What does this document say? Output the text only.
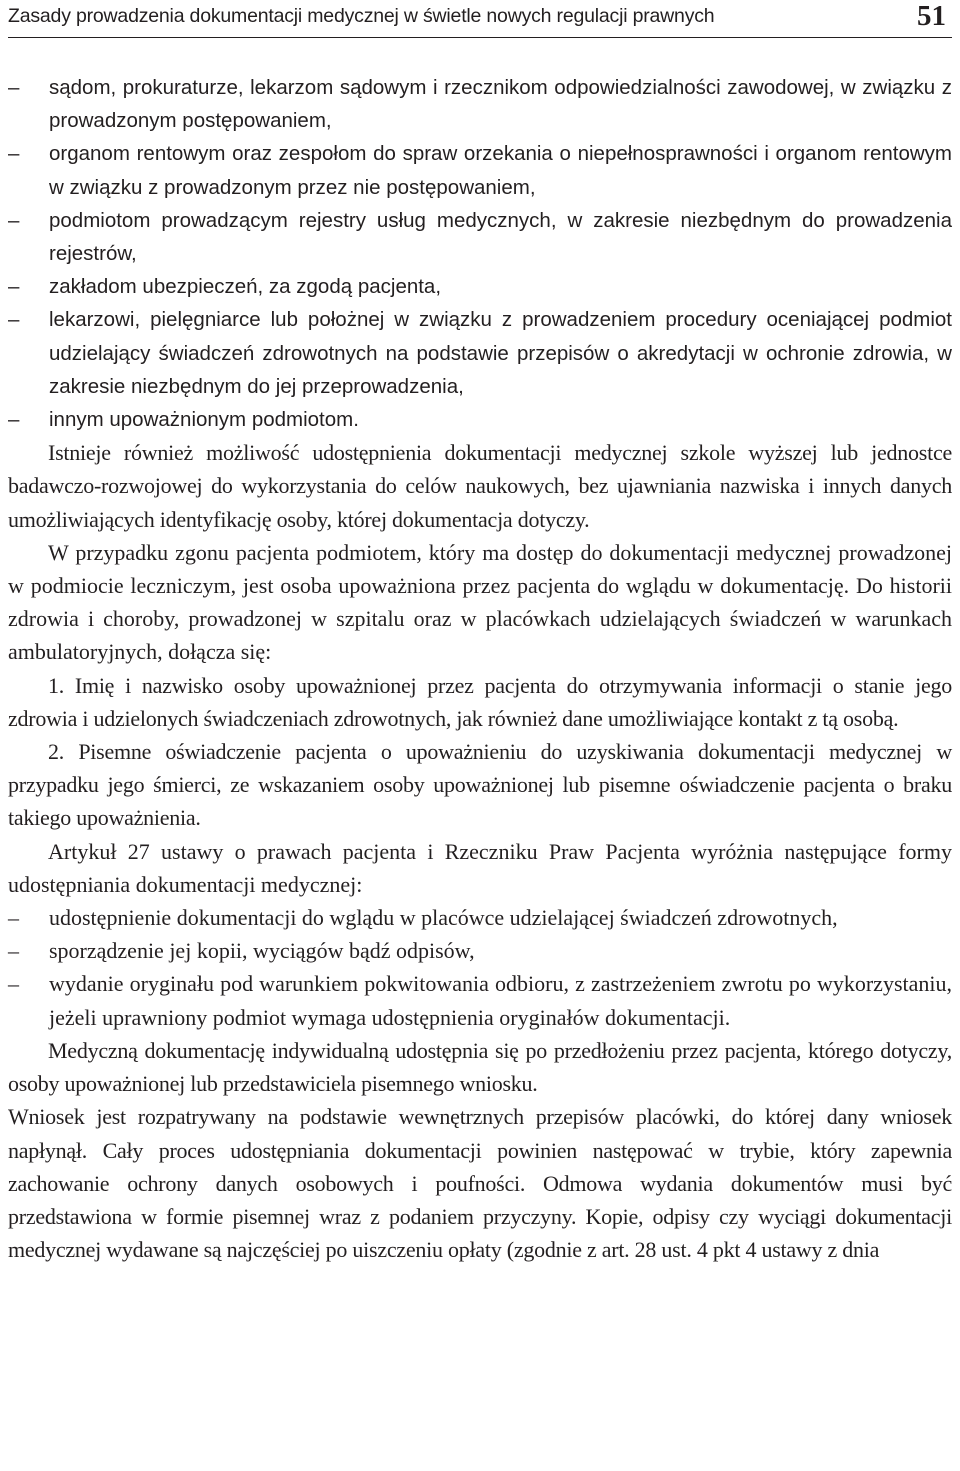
Zasady prowadzenia dokumentacji medycznej w świetle nowych regulacji prawnych	51
– sądom, prokuraturze, lekarzom sądowym i rzecznikom odpowiedzialności zawodowej, w związku z prowadzonym postępowaniem,
– organom rentowym oraz zespołom do spraw orzekania o niepełnosprawności i organom rentowym w związku z prowadzonym przez nie postępowaniem,
– podmiotom prowadzącym rejestry usług medycznych, w zakresie niezbędnym do prowadzenia rejestrów,
– zakładom ubezpieczeń, za zgodą pacjenta,
– lekarzowi, pielęgniarce lub położnej w związku z prowadzeniem procedury oceniającej podmiot udzielający świadczeń zdrowotnych na podstawie przepisów o akredytacji w ochronie zdrowia, w zakresie niezbędnym do jej przeprowadzenia,
– innym upoważnionym podmiotom.

Istnieje również możliwość udostępnienia dokumentacji medycznej szkole wyższej lub jednostce badawczo-rozwojowej do wykorzystania do celów naukowych, bez ujawniania nazwiska i innych danych umożliwiających identyfikację osoby, której dokumentacja dotyczy.

W przypadku zgonu pacjenta podmiotem, który ma dostęp do dokumentacji medycznej prowadzonej w podmiocie leczniczym, jest osoba upoważniona przez pacjenta do wglądu w dokumentację. Do historii zdrowia i choroby, prowadzonej w szpitalu oraz w placówkach udzielających świadczeń w warunkach ambulatoryjnych, dołącza się:

1. Imię i nazwisko osoby upoważnionej przez pacjenta do otrzymywania informacji o stanie jego zdrowia i udzielonych świadczeniach zdrowotnych, jak również dane umożliwiające kontakt z tą osobą.

2. Pisemne oświadczenie pacjenta o upoważnieniu do uzyskiwania dokumentacji medycznej w przypadku jego śmierci, ze wskazaniem osoby upoważnionej lub pisemne oświadczenie pacjenta o braku takiego upoważnienia.

Artykuł 27 ustawy o prawach pacjenta i Rzeczniku Praw Pacjenta wyróżnia następujące formy udostępniania dokumentacji medycznej:

– udostępnienie dokumentacji do wglądu w placówce udzielającej świadczeń zdrowotnych,
– sporządzenie jej kopii, wyciągów bądź odpisów,
– wydanie oryginału pod warunkiem pokwitowania odbioru, z zastrzeżeniem zwrotu po wykorzystaniu, jeżeli uprawniony podmiot wymaga udostępnienia oryginałów dokumentacji.

Medyczną dokumentację indywidualną udostępnia się po przedłożeniu przez pacjenta, którego dotyczy, osoby upoważnionej lub przedstawiciela pisemnego wniosku.

Wniosek jest rozpatrywany na podstawie wewnętrznych przepisów placówki, do której dany wniosek napłynął. Cały proces udostępniania dokumentacji powinien następować w trybie, który zapewnia zachowanie ochrony danych osobowych i poufności. Odmowa wydania dokumentów musi być przedstawiona w formie pisemnej wraz z podaniem przyczyny. Kopie, odpisy czy wyciągi dokumentacji medycznej wydawane są najczęściej po uiszczeniu opłaty (zgodnie z art. 28 ust. 4 pkt 4 ustawy z dnia
